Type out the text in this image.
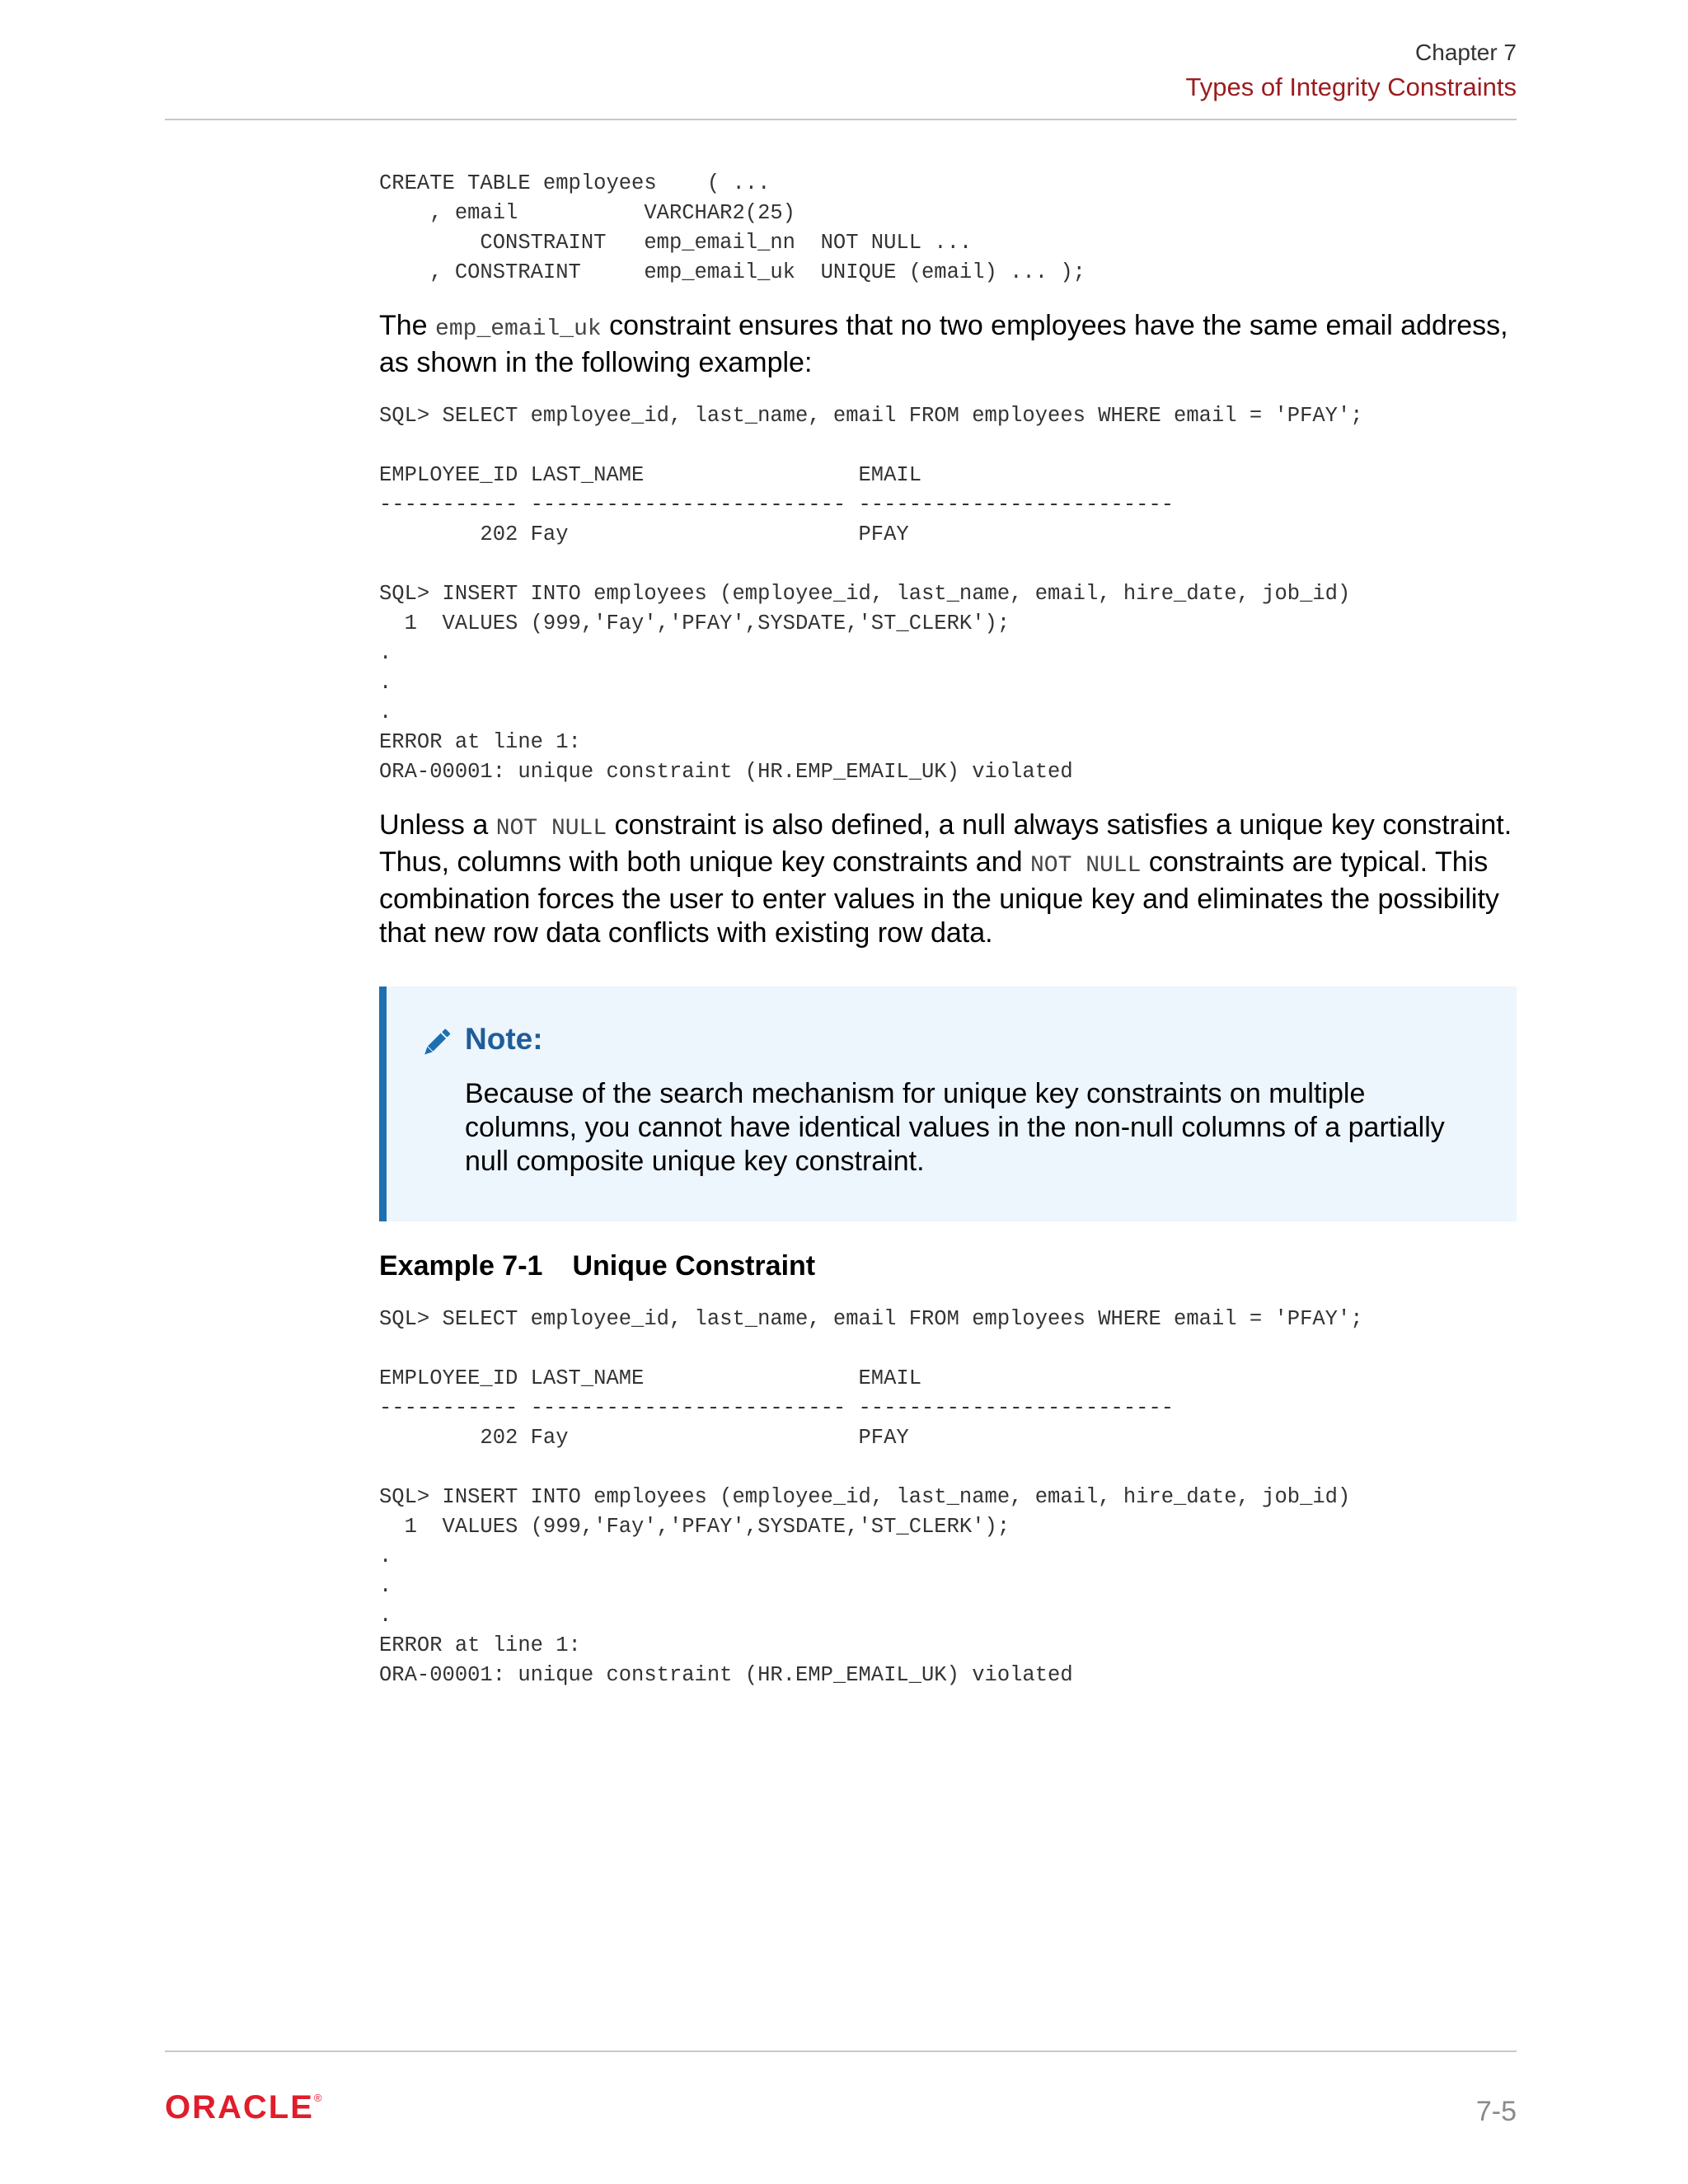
Chapter 7
Types of Integrity Constraints
CREATE TABLE employees    ( ...
, email          VARCHAR2(25)
CONSTRAINT   emp_email_nn  NOT NULL ...
, CONSTRAINT     emp_email_uk  UNIQUE (email) ... );

The emp_email_uk constraint ensures that no two employees have the same email address, as shown in the following example:

SQL> SELECT employee_id, last_name, email FROM employees WHERE email = 'PFAY';

EMPLOYEE_ID LAST_NAME                 EMAIL
----------- ------------------------- -------------------------
202 Fay                       PFAY

SQL> INSERT INTO employees (employee_id, last_name, email, hire_date, job_id)
1  VALUES (999,'Fay','PFAY',SYSDATE,'ST_CLERK');
.
.
.
ERROR at line 1:
ORA-00001: unique constraint (HR.EMP_EMAIL_UK) violated

Unless a NOT NULL constraint is also defined, a null always satisfies a unique key constraint. Thus, columns with both unique key constraints and NOT NULL constraints are typical. This combination forces the user to enter values in the unique key and eliminates the possibility that new row data conflicts with existing row data.

Note:
Because of the search mechanism for unique key constraints on multiple columns, you cannot have identical values in the non-null columns of a partially null composite unique key constraint.
Example 7-1 Unique Constraint
SQL> SELECT employee_id, last_name, email FROM employees WHERE email = 'PFAY';

EMPLOYEE_ID LAST_NAME                 EMAIL
----------- ------------------------- -------------------------
202 Fay                       PFAY

SQL> INSERT INTO employees (employee_id, last_name, email, hire_date, job_id)
1  VALUES (999,'Fay','PFAY',SYSDATE,'ST_CLERK');
.
.
.
ERROR at line 1:
ORA-00001: unique constraint (HR.EMP_EMAIL_UK) violated
ORACLE®	7-5
